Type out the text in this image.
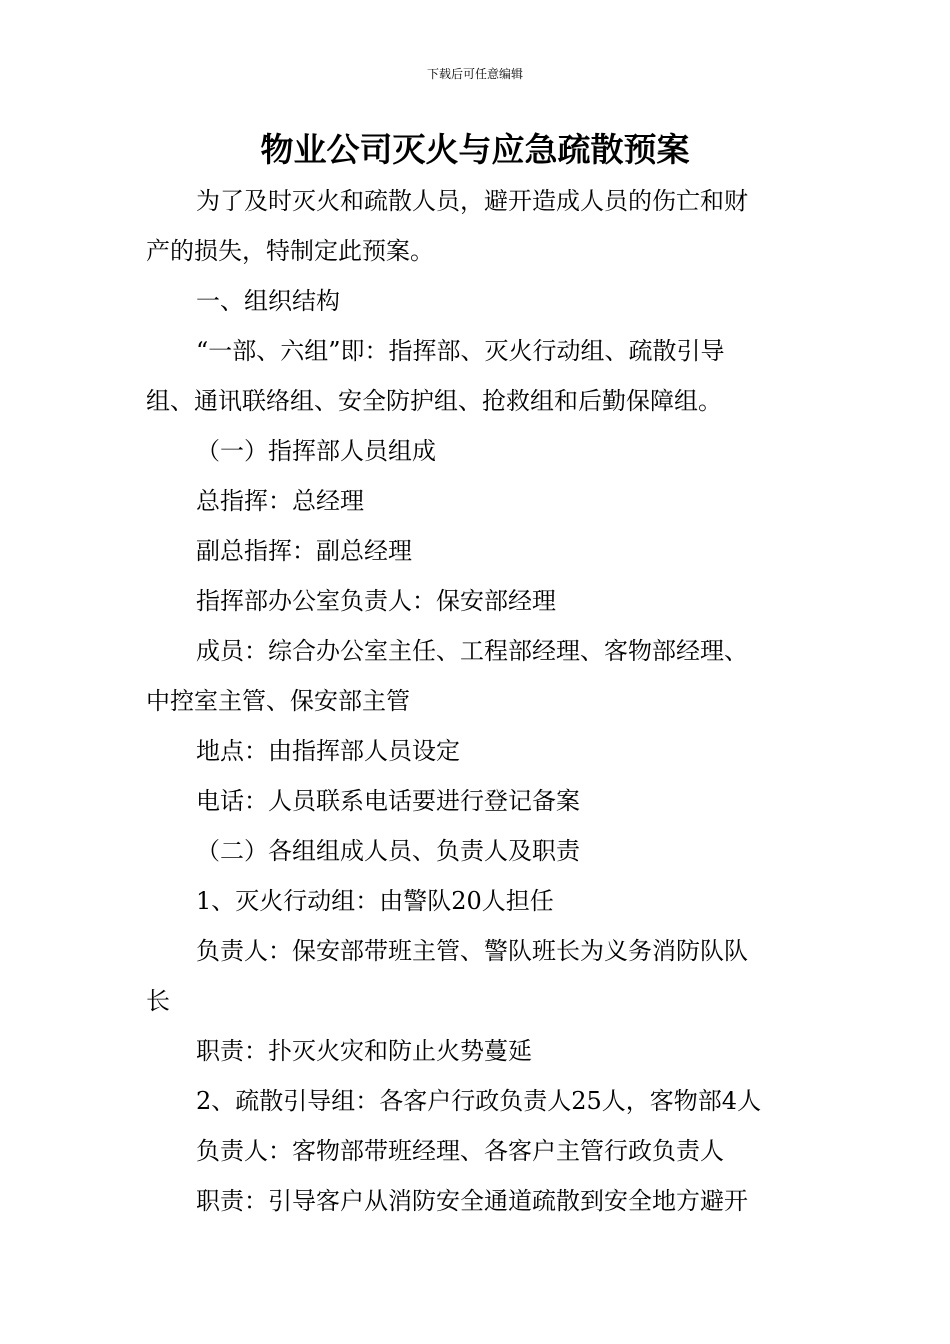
下载后可任意编辑
物业公司灭火与应急疏散预案

为了及时灭火和疏散人员，避开造成人员的伤亡和财

产的损失，特制定此预案。

一、组织结构

“一部、六组”即：指挥部、灭火行动组、疏散引导

组、通讯联络组、安全防护组、抢救组和后勤保障组。

（一）指挥部人员组成

总指挥：总经理

副总指挥：副总经理

指挥部办公室负责人：保安部经理

成员：综合办公室主任、工程部经理、客物部经理、

中控室主管、保安部主管

地点：由指挥部人员设定

电话：人员联系电话要进行登记备案

（二）各组组成人员、负责人及职责

1、灭火行动组：由警队20人担任

负责人：保安部带班主管、警队班长为义务消防队队

长

职责：扑灭火灾和防止火势蔓延

2、疏散引导组：各客户行政负责人25人，客物部4人

负责人：客物部带班经理、各客户主管行政负责人

职责：引导客户从消防安全通道疏散到安全地方避开
